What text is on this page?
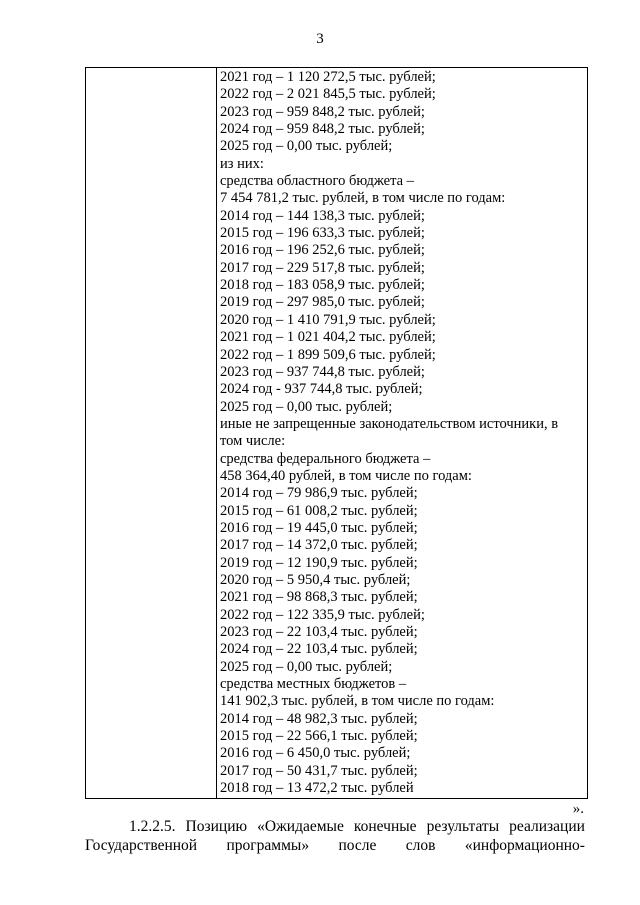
3
2021 год – 1 120 272,5 тыс. рублей;
2022 год – 2 021 845,5 тыс. рублей;
2023 год – 959 848,2 тыс. рублей;
2024 год – 959 848,2 тыс. рублей;
2025 год – 0,00 тыс. рублей;
из них:
средства областного бюджета –
7 454 781,2 тыс. рублей, в том числе по годам:
2014 год – 144 138,3 тыс. рублей;
2015 год – 196 633,3 тыс. рублей;
2016 год – 196 252,6 тыс. рублей;
2017 год – 229 517,8 тыс. рублей;
2018 год – 183 058,9 тыс. рублей;
2019 год – 297 985,0 тыс. рублей;
2020 год – 1 410 791,9 тыс. рублей;
2021 год – 1 021 404,2 тыс. рублей;
2022 год – 1 899 509,6 тыс. рублей;
2023 год – 937 744,8 тыс. рублей;
2024 год - 937 744,8 тыс. рублей;
2025 год – 0,00 тыс. рублей;
иные не запрещенные законодательством источники, в
том числе:
средства федерального бюджета –
458 364,40 рублей, в том числе по годам:
2014 год – 79 986,9 тыс. рублей;
2015 год – 61 008,2 тыс. рублей;
2016 год – 19 445,0 тыс. рублей;
2017 год – 14 372,0 тыс. рублей;
2019 год – 12 190,9 тыс. рублей;
2020 год – 5 950,4 тыс. рублей;
2021 год – 98 868,3 тыс. рублей;
2022 год – 122 335,9 тыс. рублей;
2023 год – 22 103,4 тыс. рублей;
2024 год – 22 103,4 тыс. рублей;
2025 год – 0,00 тыс. рублей;
средства местных бюджетов –
141 902,3 тыс. рублей, в том числе по годам:
2014 год – 48 982,3 тыс. рублей;
2015 год – 22 566,1 тыс. рублей;
2016 год – 6 450,0 тыс. рублей;
2017 год – 50 431,7 тыс. рублей;
2018 год – 13 472,2 тыс. рублей
».
1.2.2.5. Позицию «Ожидаемые конечные результаты реализации
Государственной программы» после слов «информационно-
